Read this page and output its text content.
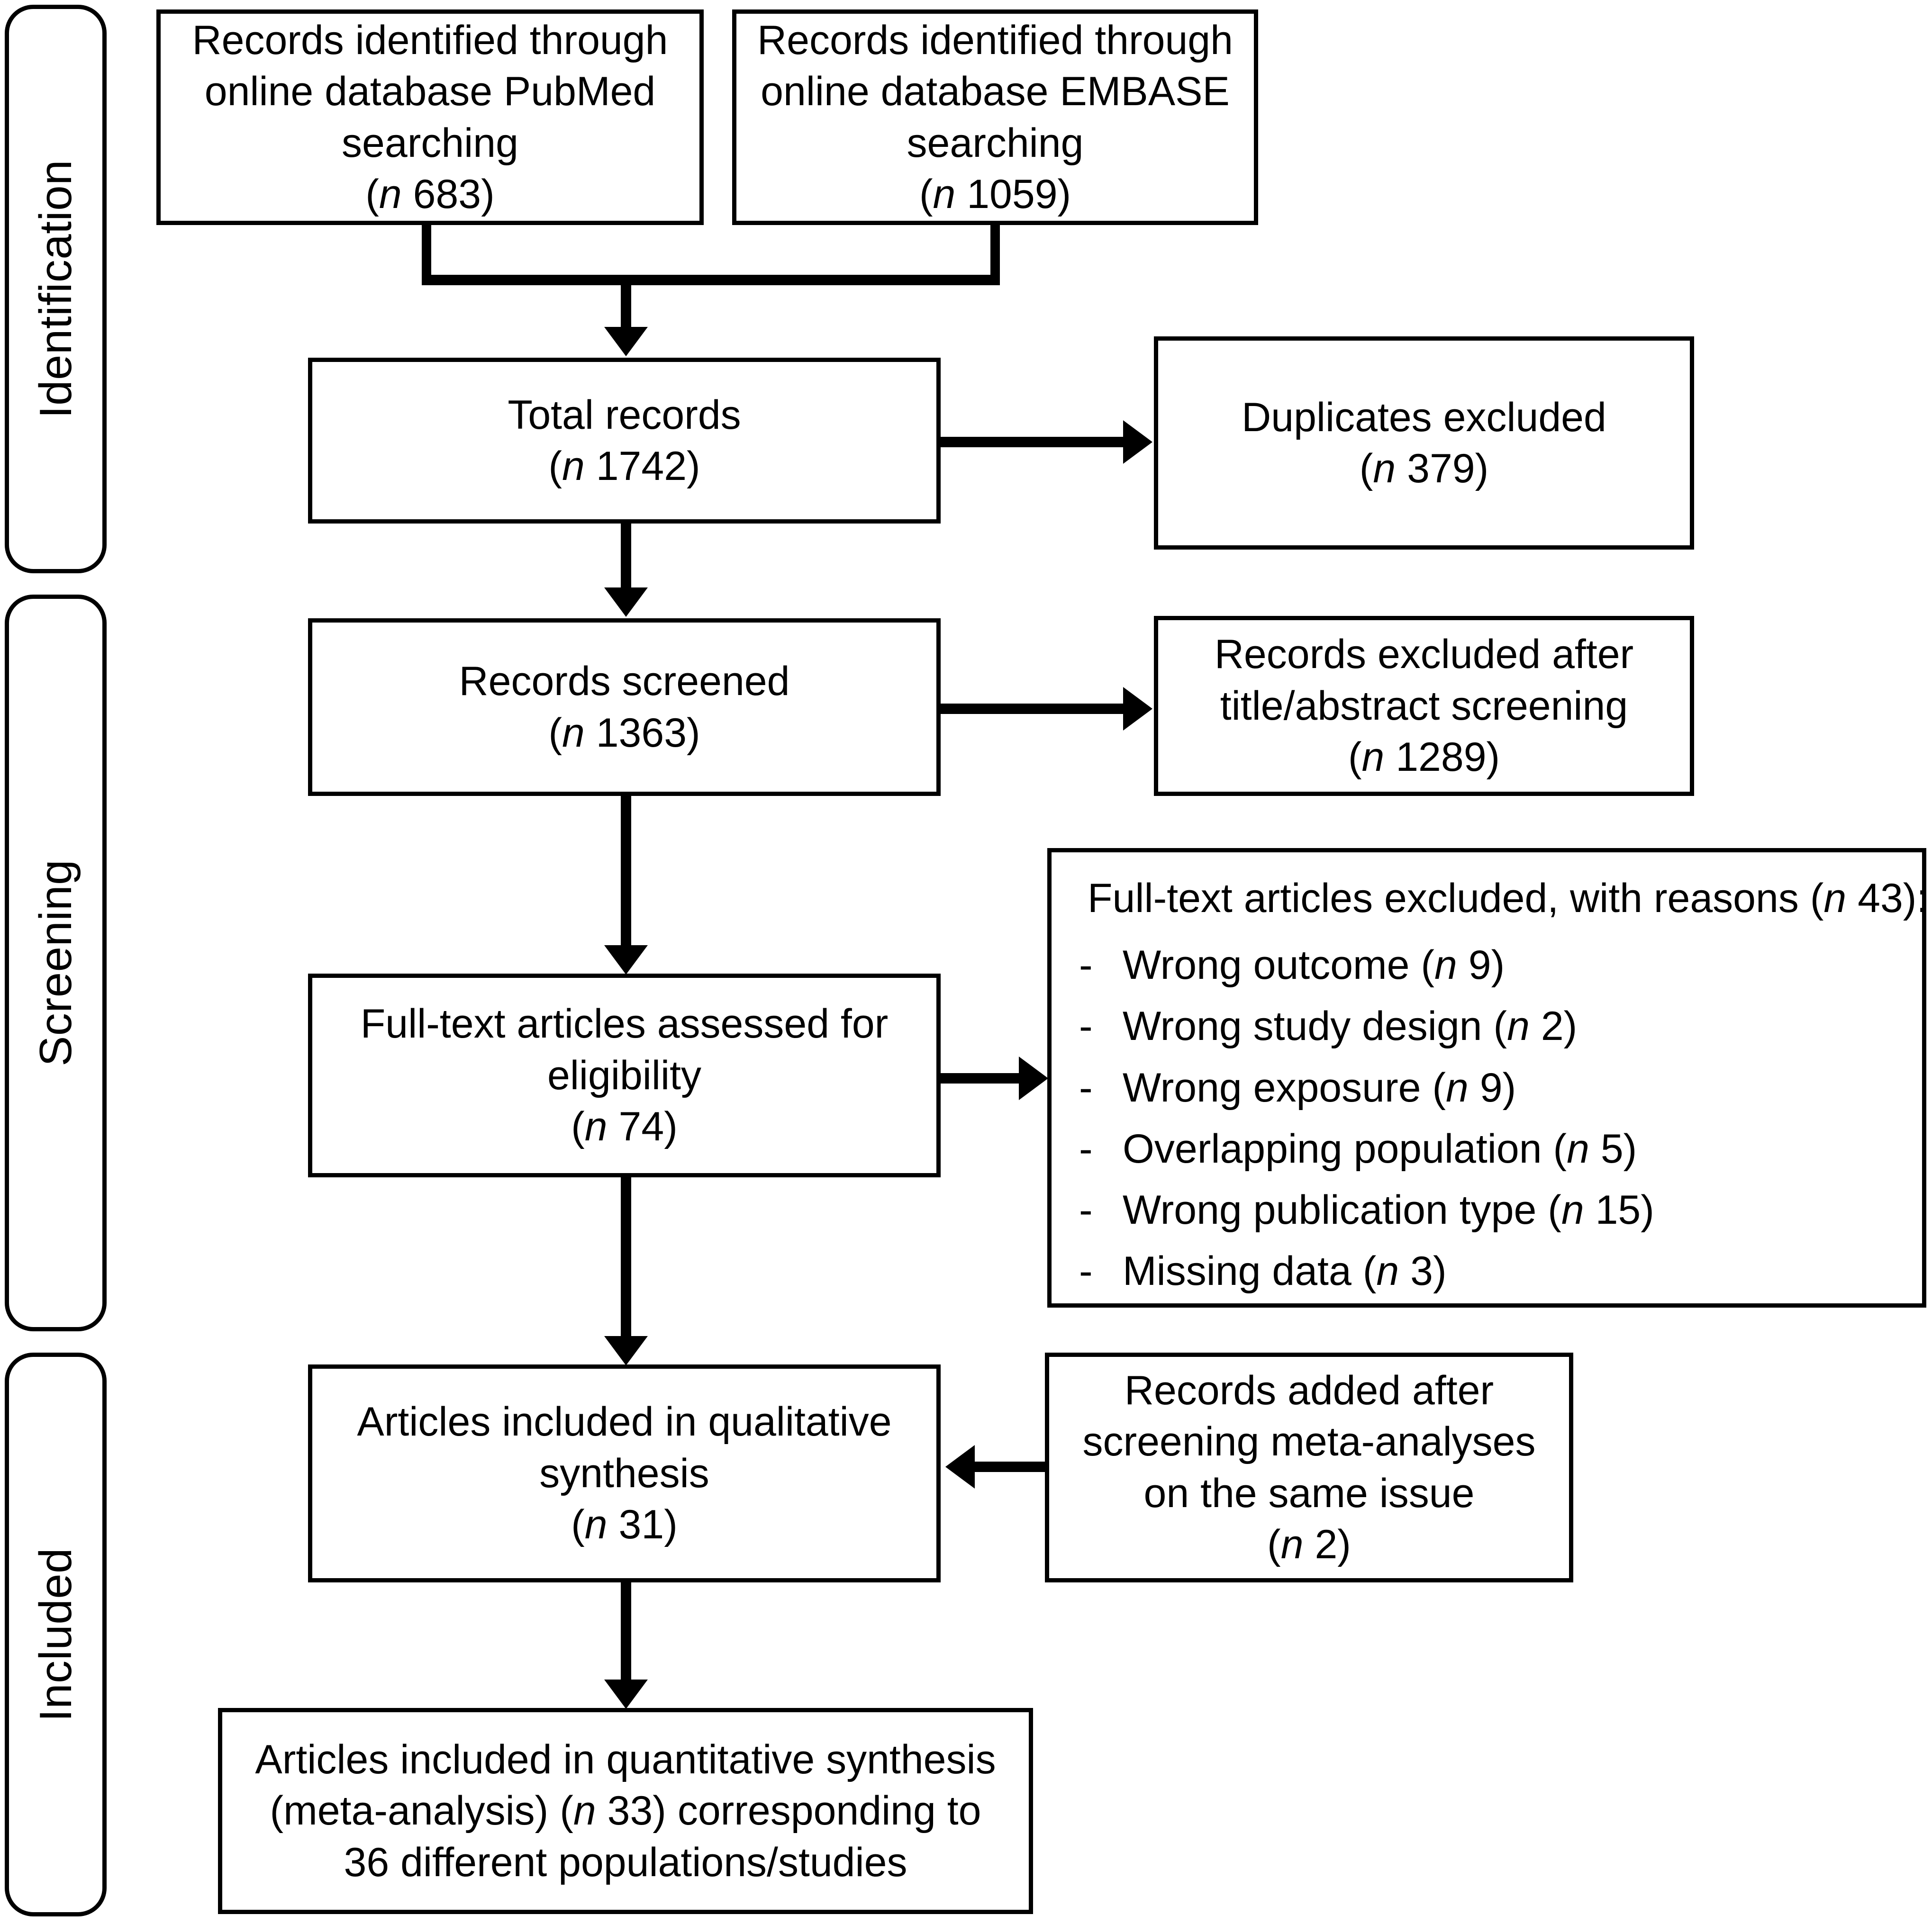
Identification
Screening
Included
Records identified through
online database PubMed
searching
(n 683)
Records identified through
online database EMBASE
searching
(n 1059)
Total records
(n 1742)
Duplicates excluded
(n 379)
Records screened
(n 1363)
Records excluded after
title/abstract screening
(n 1289)
Full-text articles assessed for
eligibility
(n 74)
Full-text articles excluded, with reasons (n 43):
- Wrong outcome (n 9)
- Wrong study design (n 2)
- Wrong exposure (n 9)
- Overlapping population (n 5)
- Wrong publication type (n 15)
- Missing data (n 3)
Articles included in qualitative
synthesis
(n 31)
Records added after
screening meta-analyses
on the same issue
(n 2)
Articles included in quantitative synthesis
(meta-analysis) (n 33) corresponding to
36 different populations/studies
